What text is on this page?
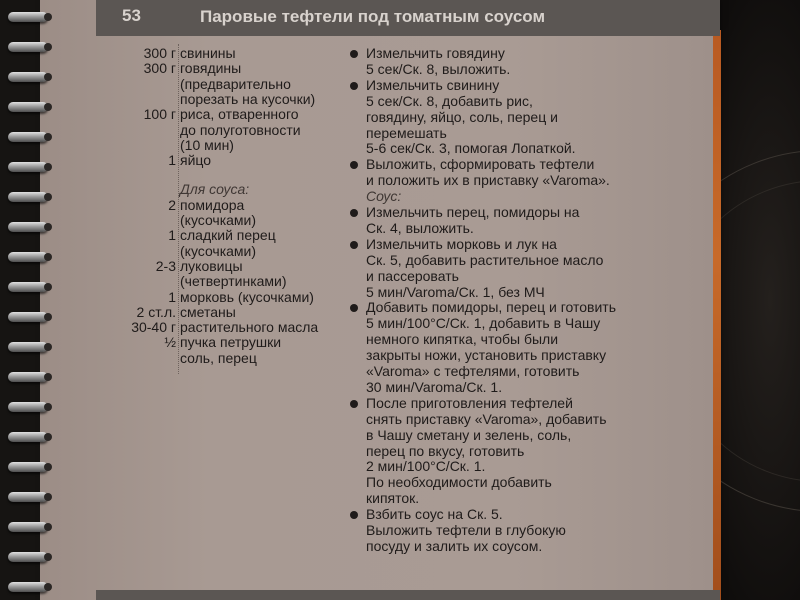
53	Паровые тефтели под томатным соусом
300 г свинины
300 г говядины
(предварительно
порезать на кусочки)
100 г риса, отваренного
до полуготовности
(10 мин)
1 яйцо
Для соуса:
2 помидора
(кусочками)
1 сладкий перец
(кусочками)
2-3 луковицы
(четвертинками)
1 морковь (кусочками)
2 ст.л. сметаны
30-40 г растительного масла
½ пучка петрушки
соль, перец
Измельчить говядину
5 сек/Ск. 8, выложить.
Измельчить свинину
5 сек/Ск. 8, добавить рис,
говядину, яйцо, соль, перец и
перемешать
5-6 сек/Ск. 3, помогая Лопаткой.
Выложить, сформировать тефтели
и положить их в приставку «Varoma».
Соус:
Измельчить перец, помидоры на
Ск. 4, выложить.
Измельчить морковь и лук на
Ск. 5, добавить растительное масло
и пассеровать
5 мин/Varoma/Ск. 1, без МЧ
Добавить помидоры, перец и готовить
5 мин/100°С/Ск. 1, добавить в Чашу
немного кипятка, чтобы были
закрыты ножи, установить приставку
«Varoma» с тефтелями, готовить
30 мин/Varoma/Ск. 1.
После приготовления тефтелей
снять приставку «Varoma», добавить
в Чашу сметану и зелень, соль,
перец по вкусу, готовить
2 мин/100°С/Ск. 1.
По необходимости добавить
кипяток.
Взбить соус на Ск. 5.
Выложить тефтели в глубокую
посуду и залить их соусом.
